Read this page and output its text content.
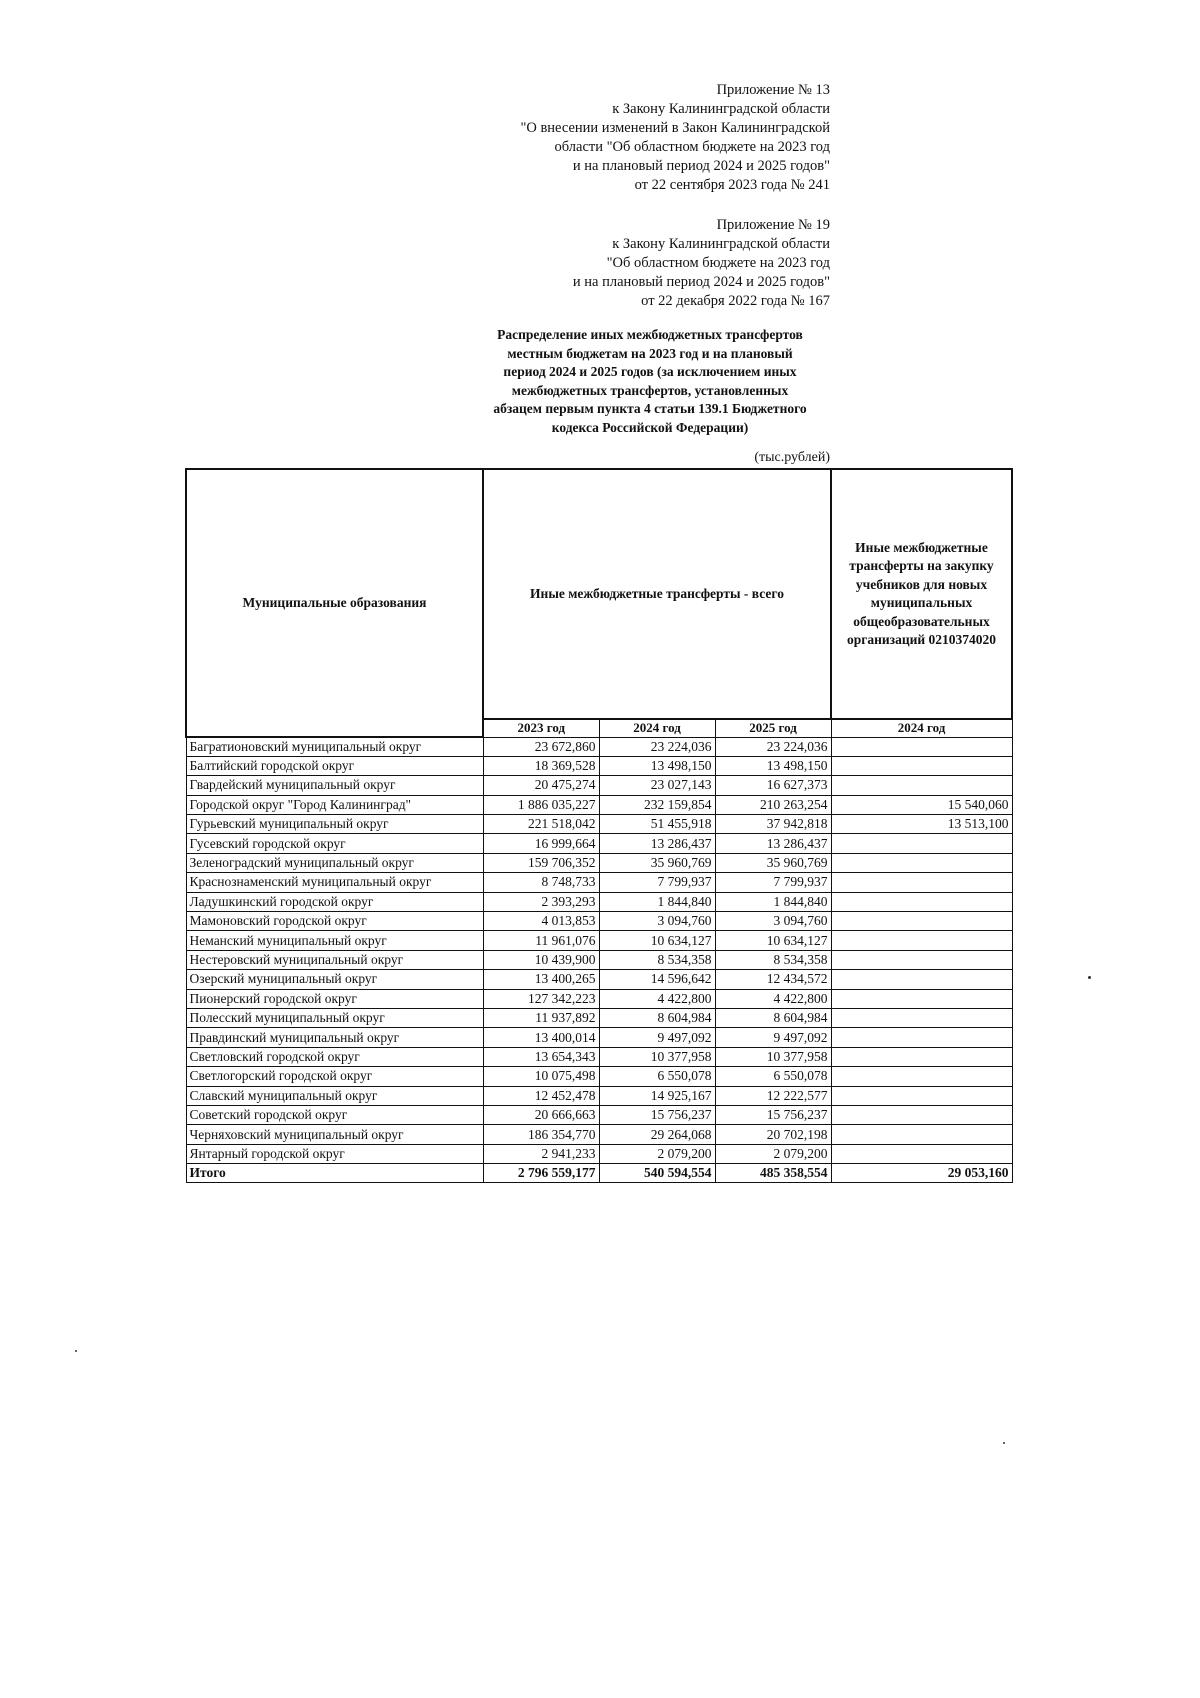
Приложение № 13
к Закону Калининградской области
"О внесении изменений в Закон Калининградской
области "Об областном бюджете на 2023 год
и на плановый период 2024 и 2025 годов"
от 22 сентября 2023 года № 241
Приложение № 19
к Закону Калининградской области
"Об областном бюджете на 2023 год
и на плановый период 2024 и 2025 годов"
от 22 декабря 2022 года № 167
Распределение иных межбюджетных трансфертов
местным бюджетам на 2023 год и на плановый
период 2024 и 2025 годов (за исключением иных
межбюджетных трансфертов, установленных
абзацем первым пункта 4 статьи 139.1 Бюджетного
кодекса Российской Федерации)
(тыс.рублей)
Муниципальные образования	Иные межбюджетные трансферты - всего			Иные межбюджетные трансферты на закупку учебников для новых муниципальных общеобразовательных организаций 0210374020
	2023 год	2024 год	2025 год	2024 год
Багратионовский муниципальный округ	23 672,860	23 224,036	23 224,036	
Балтийский городской округ	18 369,528	13 498,150	13 498,150	
Гвардейский муниципальный округ	20 475,274	23 027,143	16 627,373	
Городской округ "Город Калининград"	1 886 035,227	232 159,854	210 263,254	15 540,060
Гурьевский муниципальный округ	221 518,042	51 455,918	37 942,818	13 513,100
Гусевский городской округ	16 999,664	13 286,437	13 286,437	
Зеленоградский муниципальный округ	159 706,352	35 960,769	35 960,769	
Краснознаменский муниципальный округ	8 748,733	7 799,937	7 799,937	
Ладушкинский городской округ	2 393,293	1 844,840	1 844,840	
Мамоновский городской округ	4 013,853	3 094,760	3 094,760	
Неманский муниципальный округ	11 961,076	10 634,127	10 634,127	
Нестеровский муниципальный округ	10 439,900	8 534,358	8 534,358	
Озерский муниципальный округ	13 400,265	14 596,642	12 434,572	
Пионерский городской округ	127 342,223	4 422,800	4 422,800	
Полесский муниципальный округ	11 937,892	8 604,984	8 604,984	
Правдинский муниципальный округ	13 400,014	9 497,092	9 497,092	
Светловский городской округ	13 654,343	10 377,958	10 377,958	
Светлогорский городской округ	10 075,498	6 550,078	6 550,078	
Славский муниципальный округ	12 452,478	14 925,167	12 222,577	
Советский городской округ	20 666,663	15 756,237	15 756,237	
Черняховский муниципальный округ	186 354,770	29 264,068	20 702,198	
Янтарный городской округ	2 941,233	2 079,200	2 079,200	
Итого	2 796 559,177	540 594,554	485 358,554	29 053,160
